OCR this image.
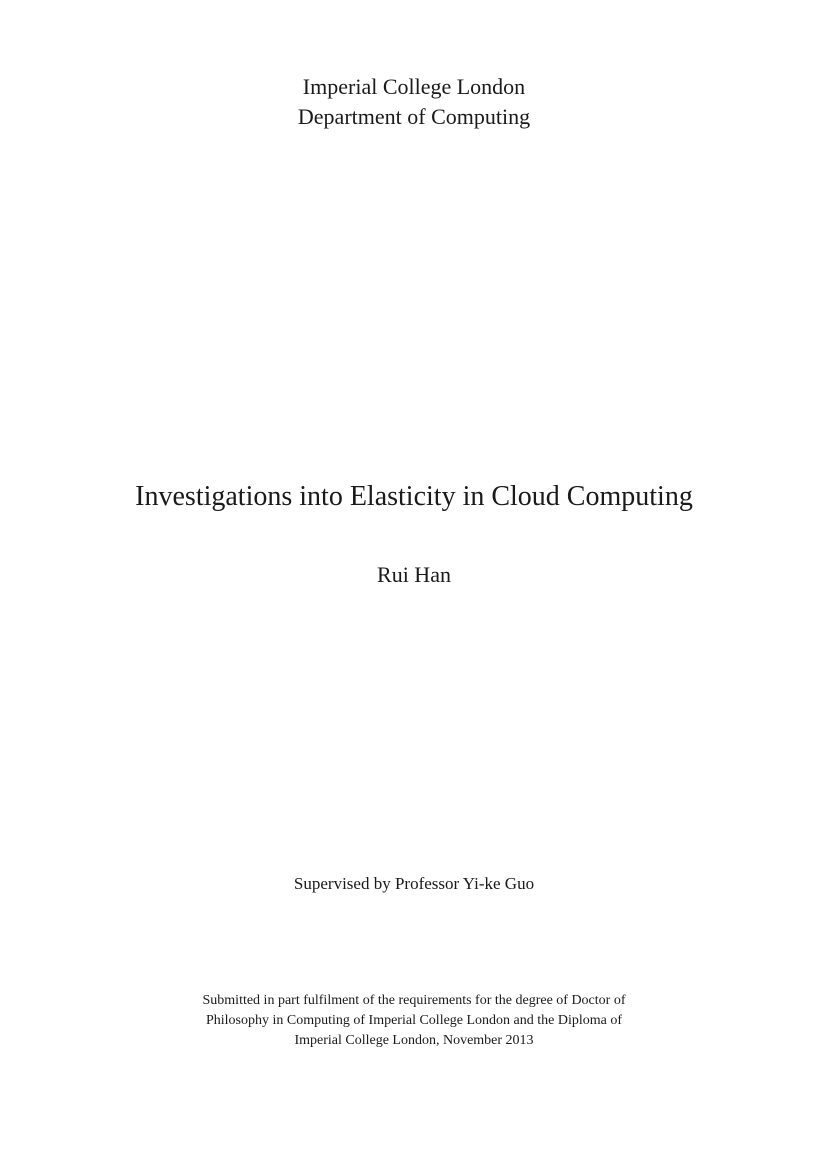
Imperial College London
Department of Computing
Investigations into Elasticity in Cloud Computing
Rui Han
Supervised by Professor Yi-ke Guo
Submitted in part fulfilment of the requirements for the degree of Doctor of
Philosophy in Computing of Imperial College London and the Diploma of
Imperial College London, November 2013
